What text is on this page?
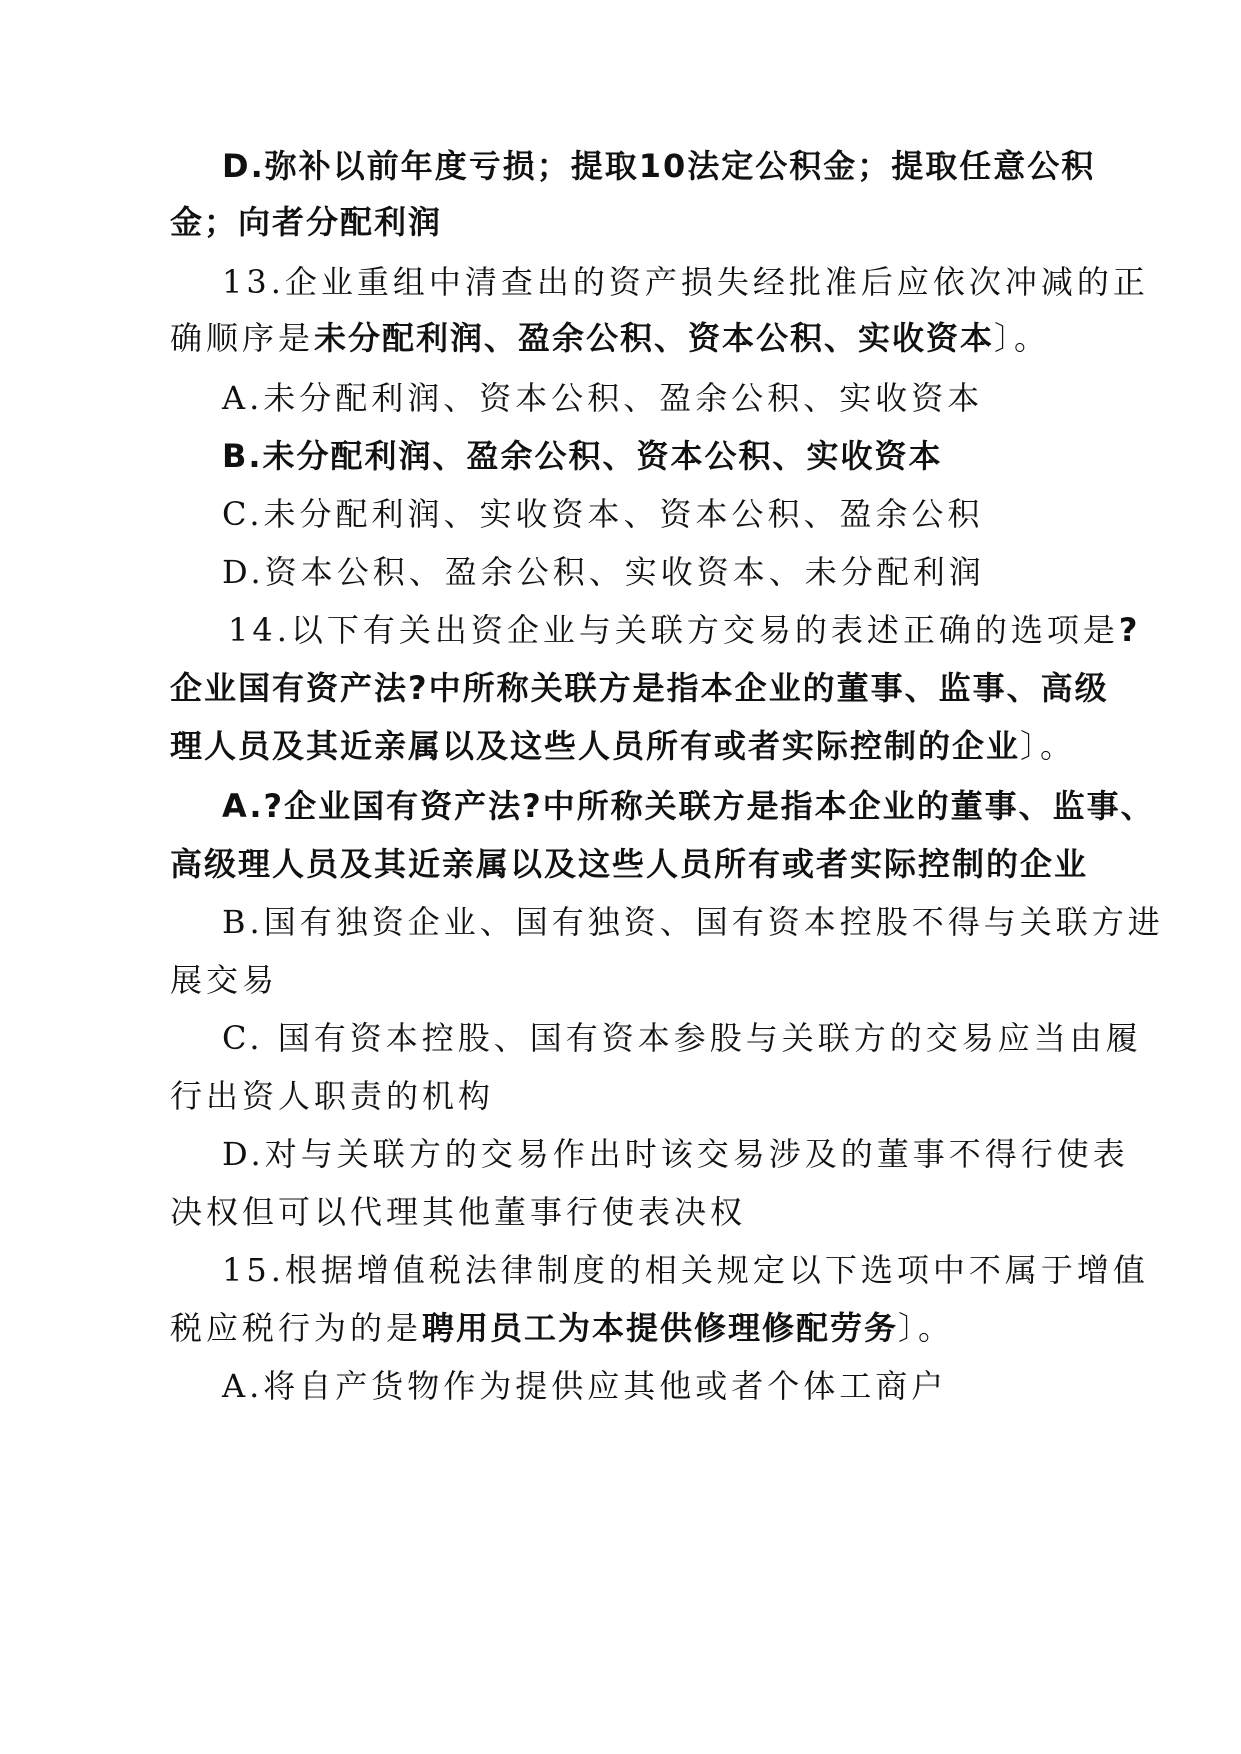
D.弥补以前年度亏损；提取10法定公积金；提取任意公积
金；向者分配利润
13.企业重组中清查出的资产损失经批准后应依次冲减的正
确顺序是未分配利润、盈余公积、资本公积、实收资本〕。
A.未分配利润、资本公积、盈余公积、实收资本
B.未分配利润、盈余公积、资本公积、实收资本
C.未分配利润、实收资本、资本公积、盈余公积
D.资本公积、盈余公积、实收资本、未分配利润
14.以下有关出资企业与关联方交易的表述正确的选项是?
企业国有资产法?中所称关联方是指本企业的董事、监事、高级
理人员及其近亲属以及这些人员所有或者实际控制的企业〕。
A.?企业国有资产法?中所称关联方是指本企业的董事、监事、
高级理人员及其近亲属以及这些人员所有或者实际控制的企业
B.国有独资企业、国有独资、国有资本控股不得与关联方进
展交易
C. 国有资本控股、国有资本参股与关联方的交易应当由履
行出资人职责的机构
D.对与关联方的交易作出时该交易涉及的董事不得行使表
决权但可以代理其他董事行使表决权
15.根据增值税法律制度的相关规定以下选项中不属于增值
税应税行为的是聘用员工为本提供修理修配劳务〕。
A.将自产货物作为提供应其他或者个体工商户
